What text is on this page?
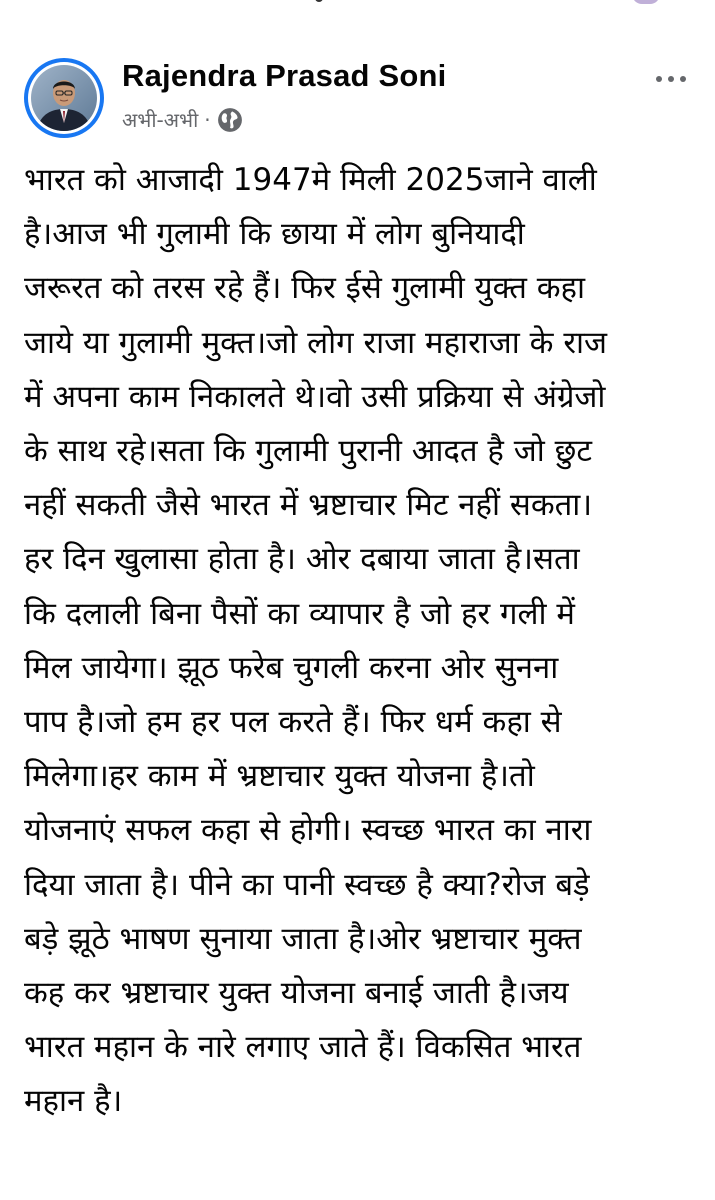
Rajendra Prasad Soni
अभी-अभी ·
भारत को आजादी 1947मे मिली 2025जाने वाली
है।आज भी गुलामी कि छाया में लोग बुनियादी
जरूरत को तरस रहे हैं। फिर ईसे गुलामी युक्त कहा
जाये या गुलामी मुक्त।जो लोग राजा महाराजा के राज
में अपना काम निकालते थे।वो उसी प्रक्रिया से अंग्रेजो
के साथ रहे।सता कि गुलामी पुरानी आदत है जो छुट
नहीं सकती जैसे भारत में भ्रष्टाचार मिट नहीं सकता।
हर दिन खुलासा होता है। ओर दबाया जाता है।सता
कि दलाली बिना पैसों का व्यापार है जो हर गली में
मिल जायेगा। झूठ फरेब चुगली करना ओर सुनना
पाप है।जो हम हर पल करते हैं। फिर धर्म कहा से
मिलेगा।हर काम में भ्रष्टाचार युक्त योजना है।तो
योजनाएं सफल कहा से होगी। स्वच्छ भारत का नारा
दिया जाता है। पीने का पानी स्वच्छ है क्या?रोज बड़े
बड़े झूठे भाषण सुनाया जाता है।ओर भ्रष्टाचार मुक्त
कह कर भ्रष्टाचार युक्त योजना बनाई जाती है।जय
भारत महान के नारे लगाए जाते हैं। विकसित भारत
महान है।
